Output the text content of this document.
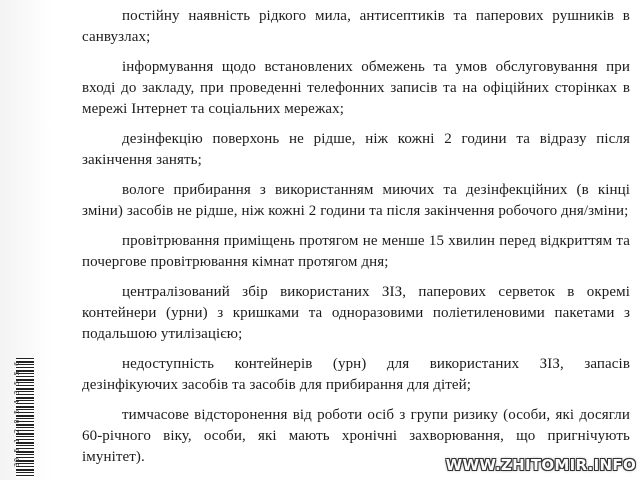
постійну наявність рідкого мила, антисептиків та паперових рушників в санвузлах;

інформування щодо встановлених обмежень та умов обслуговування при вході до закладу, при проведенні телефонних записів та на офіційних сторінках в мережі Інтернет та соціальних мережах;

дезінфекцію поверхонь не рідше, ніж кожні 2 години та відразу після закінчення занять;

вологе прибирання з використанням миючих та дезінфекційних (в кінці зміни) засобів не рідше, ніж кожні 2 години та після закінчення робочого дня/зміни;

провітрювання приміщень протягом не менше 15 хвилин перед відкриттям та почергове провітрювання кімнат протягом дня;

централізований збір використаних ЗІЗ, паперових серветок в окремі контейнери (урни) з кришками та одноразовими поліетиленовими пакетами з подальшою утилізацією;

недоступність контейнерів (урн) для використаних ЗІЗ, запасів дезінфікуючих засобів та засобів для прибирання для дітей;

тимчасове відсторонення від роботи осіб з групи ризику (особи, які досягли 60-річного віку, особи, які мають хронічні захворювання, що пригнічують імунітет).

30 5 1 2 0 5 4 3 5 5 6	WWW.ZHITOMIR.INFO
